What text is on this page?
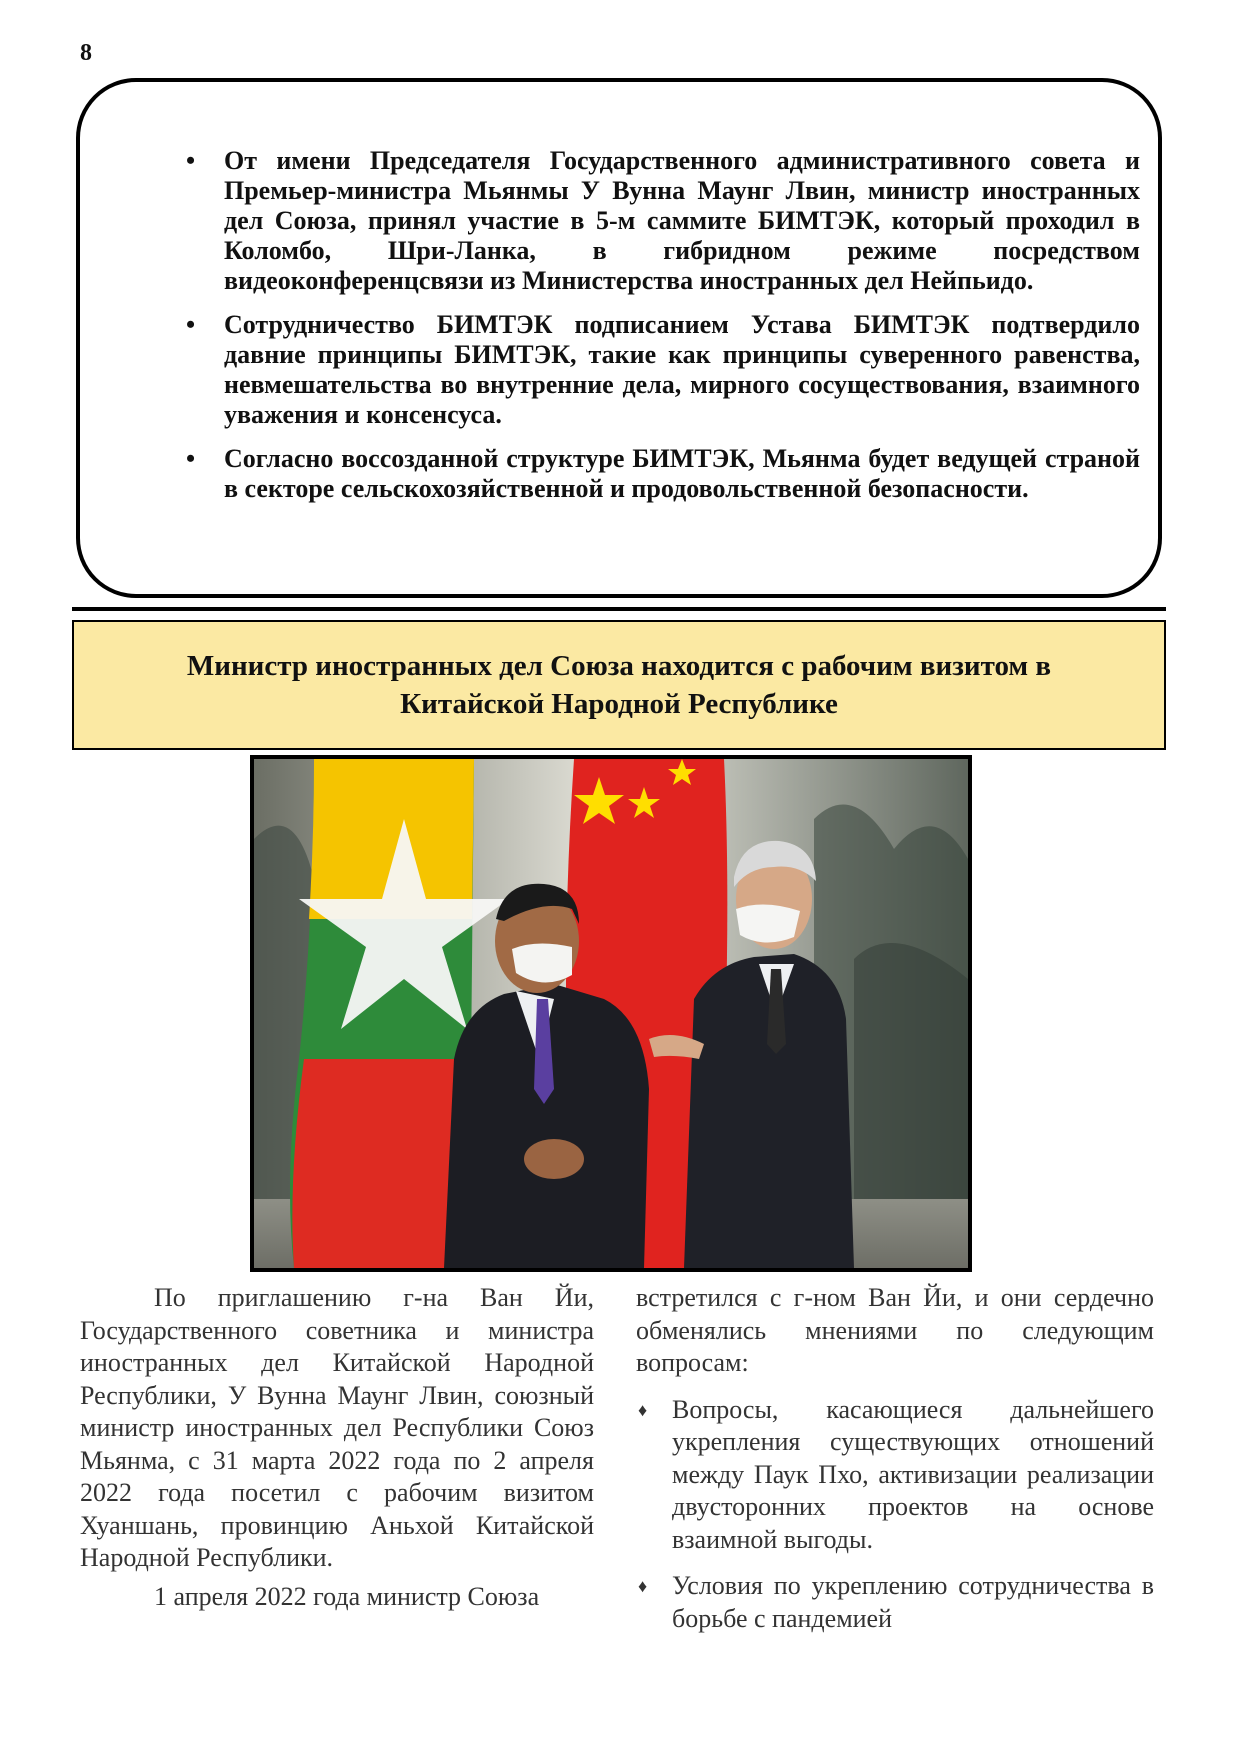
8
• От имени Председателя Государственного административного совета и Премьер-министра Мьянмы У Вунна Маунг Лвин, министр иностранных дел Союза, принял участие в 5-м саммите БИМТЭК, который проходил в Коломбо, Шри-Ланка, в гибридном режиме посредством видеоконференцсвязи из Министерства иностранных дел Нейпьидо.
• Сотрудничество БИМТЭК подписанием Устава БИМТЭК подтвердило давние принципы БИМТЭК, такие как принципы суверенного равенства, невмешательства во внутренние дела, мирного сосуществования, взаимного уважения и консенсуса.
• Согласно воссозданной структуре БИМТЭК, Мьянма будет ведущей страной в секторе сельскохозяйственной и продовольственной безопасности.
Министр иностранных дел Союза находится с рабочим визитом в Китайской Народной Республике

По приглашению г-на Ван Йи, Государственного советника и министра иностранных дел Китайской Народной Республики, У Вунна Маунг Лвин, союзный министр иностранных дел Республики Союз Мьянма, с 31 марта 2022 года по 2 апреля 2022 года посетил с рабочим визитом Хуаншань, провинцию Аньхой Китайской Народной Республики.

1 апреля 2022 года министр Союза

встретился с г-ном Ван Йи, и они сердечно обменялись мнениями по следующим вопросам:

♦ Вопросы, касающиеся дальнейшего укрепления существующих отношений между Паук Пхо, активизации реализации двусторонних проектов на основе взаимной выгоды.
♦ Условия по укреплению сотрудничества в борьбе с пандемией
